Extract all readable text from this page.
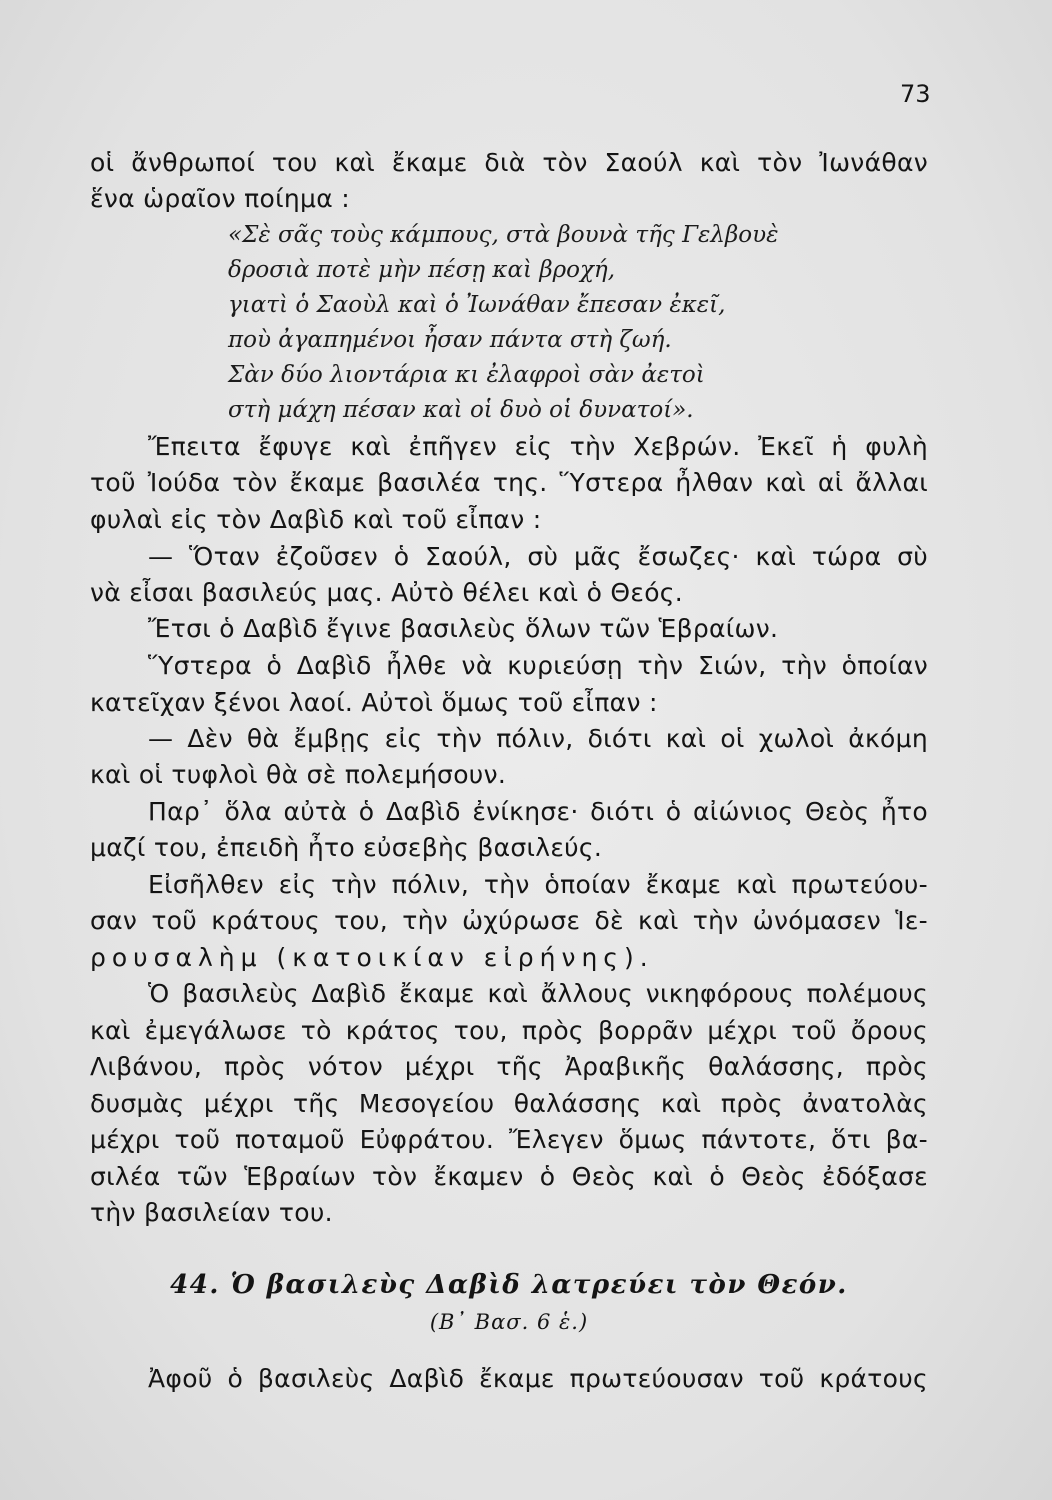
73
οἱ ἄνθρωποί του καὶ ἔκαμε διὰ τὸν Σαούλ καὶ τὸν Ἰωνάθαν
ἕνα ὡραῖον ποίημα :
«Σὲ σᾶς τοὺς κάμπους, στὰ βουνὰ τῆς Γελβουὲ
δροσιὰ ποτὲ μὴν πέσῃ καὶ βροχή,
γιατὶ ὁ Σαοὺλ καὶ ὁ Ἰωνάθαν ἔπεσαν ἐκεῖ,
ποὺ ἀγαπημένοι ἦσαν πάντα στὴ ζωή.
Σὰν δύο λιοντάρια κι ἐλαφροὶ σὰν ἀετοὶ
στὴ μάχη πέσαν καὶ οἱ δυὸ οἱ δυνατοί».
Ἔπειτα ἔφυγε καὶ ἐπῆγεν εἰς τὴν Χεβρών. Ἐκεῖ ἡ φυλὴ
τοῦ Ἰούδα τὸν ἔκαμε βασιλέα της. Ὕστερα ἦλθαν καὶ αἱ ἄλλαι
φυλαὶ εἰς τὸν Δαβὶδ καὶ τοῦ εἶπαν :
— Ὅταν ἐζοῦσεν ὁ Σαούλ, σὺ μᾶς ἔσωζες· καὶ τώρα σὺ
νὰ εἶσαι βασιλεύς μας. Αὐτὸ θέλει καὶ ὁ Θεός.
Ἔτσι ὁ Δαβὶδ ἔγινε βασιλεὺς ὅλων τῶν Ἑβραίων.
Ὕστερα ὁ Δαβὶδ ἦλθε νὰ κυριεύσῃ τὴν Σιών, τὴν ὁποίαν
κατεῖχαν ξένοι λαοί. Αὐτοὶ ὅμως τοῦ εἶπαν :
— Δὲν θὰ ἔμβῃς εἰς τὴν πόλιν, διότι καὶ οἱ χωλοὶ ἀκόμη
καὶ οἱ τυφλοὶ θὰ σὲ πολεμήσουν.
Παρ᾽ ὅλα αὐτὰ ὁ Δαβὶδ ἐνίκησε· διότι ὁ αἰώνιος Θεὸς ἦτο
μαζί του, ἐπειδὴ ἦτο εὐσεβὴς βασιλεύς.
Εἰσῆλθεν εἰς τὴν πόλιν, τὴν ὁποίαν ἔκαμε καὶ πρωτεύου-
σαν τοῦ κράτους του, τὴν ὠχύρωσε δὲ καὶ τὴν ὠνόμασεν Ἱε-
ρουσαλὴμ (κατοικίαν εἰρήνης).
Ὁ βασιλεὺς Δαβὶδ ἔκαμε καὶ ἄλλους νικηφόρους πολέμους
καὶ ἐμεγάλωσε τὸ κράτος του, πρὸς βορρᾶν μέχρι τοῦ ὄρους
Λιβάνου, πρὸς νότον μέχρι τῆς Ἀραβικῆς θαλάσσης, πρὸς
δυσμὰς μέχρι τῆς Μεσογείου θαλάσσης καὶ πρὸς ἀνατολὰς
μέχρι τοῦ ποταμοῦ Εὐφράτου. Ἔλεγεν ὅμως πάντοτε, ὅτι βα-
σιλέα τῶν Ἑβραίων τὸν ἔκαμεν ὁ Θεὸς καὶ ὁ Θεὸς ἐδόξασε
τὴν βασιλείαν του.
44. Ὁ βασιλεὺς Δαβὶδ λατρεύει τὸν Θεόν.
(Β᾽ Βασ. 6 ἑ.)
Ἀφοῦ ὁ βασιλεὺς Δαβὶδ ἔκαμε πρωτεύουσαν τοῦ κράτους
